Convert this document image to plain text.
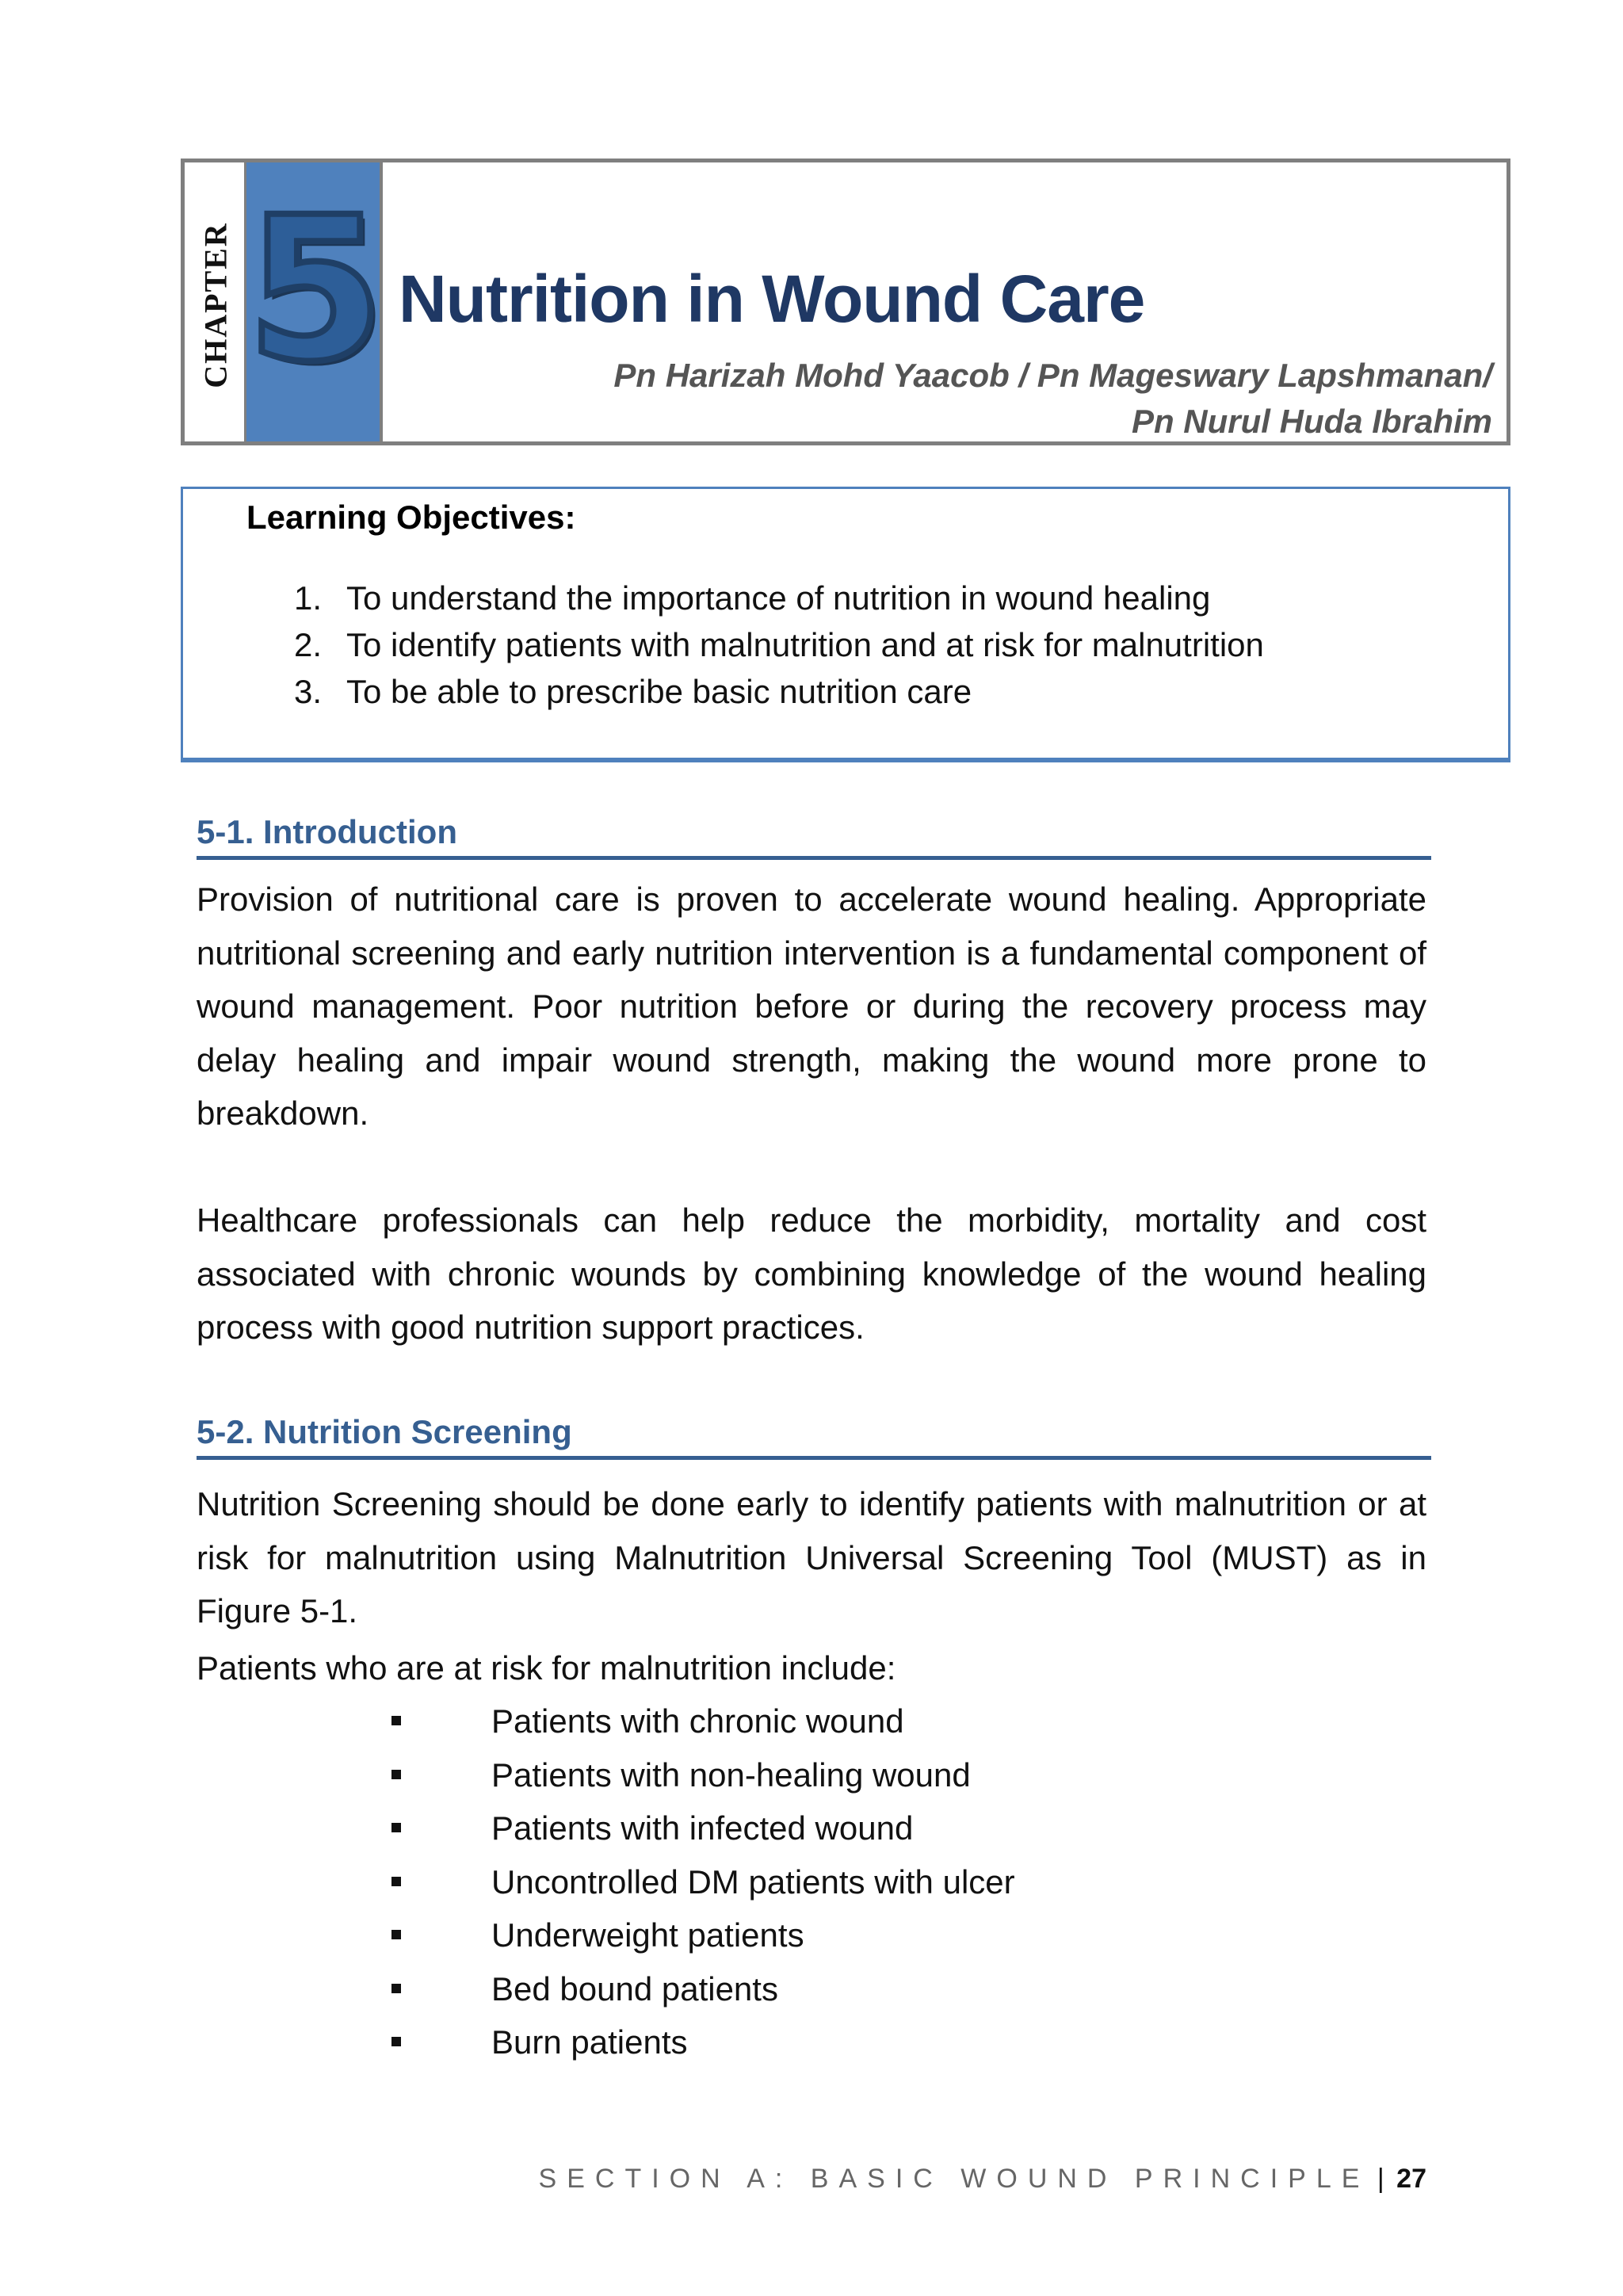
CHAPTER 5 Nutrition in Wound Care
Pn Harizah Mohd Yaacob / Pn Mageswary Lapshmanan/
Pn Nurul Huda Ibrahim
Learning Objectives:
1. To understand the importance of nutrition in wound healing
2. To identify patients with malnutrition and at risk for malnutrition
3. To be able to prescribe basic nutrition care
5-1. Introduction

Provision of nutritional care is proven to accelerate wound healing. Appropriate nutritional screening and early nutrition intervention is a fundamental component of wound management. Poor nutrition before or during the recovery process may delay healing and impair wound strength, making the wound more prone to breakdown.

Healthcare professionals can help reduce the morbidity, mortality and cost associated with chronic wounds by combining knowledge of the wound healing process with good nutrition support practices.

5-2. Nutrition Screening

Nutrition Screening should be done early to identify patients with malnutrition or at risk for malnutrition using Malnutrition Universal Screening Tool (MUST) as in Figure 5-1.

Patients who are at risk for malnutrition include:

Patients with chronic wound
Patients with non-healing wound
Patients with infected wound
Uncontrolled DM patients with ulcer
Underweight patients
Bed bound patients
Burn patients
SECTION A: BASIC WOUND PRINCIPLE | 27
